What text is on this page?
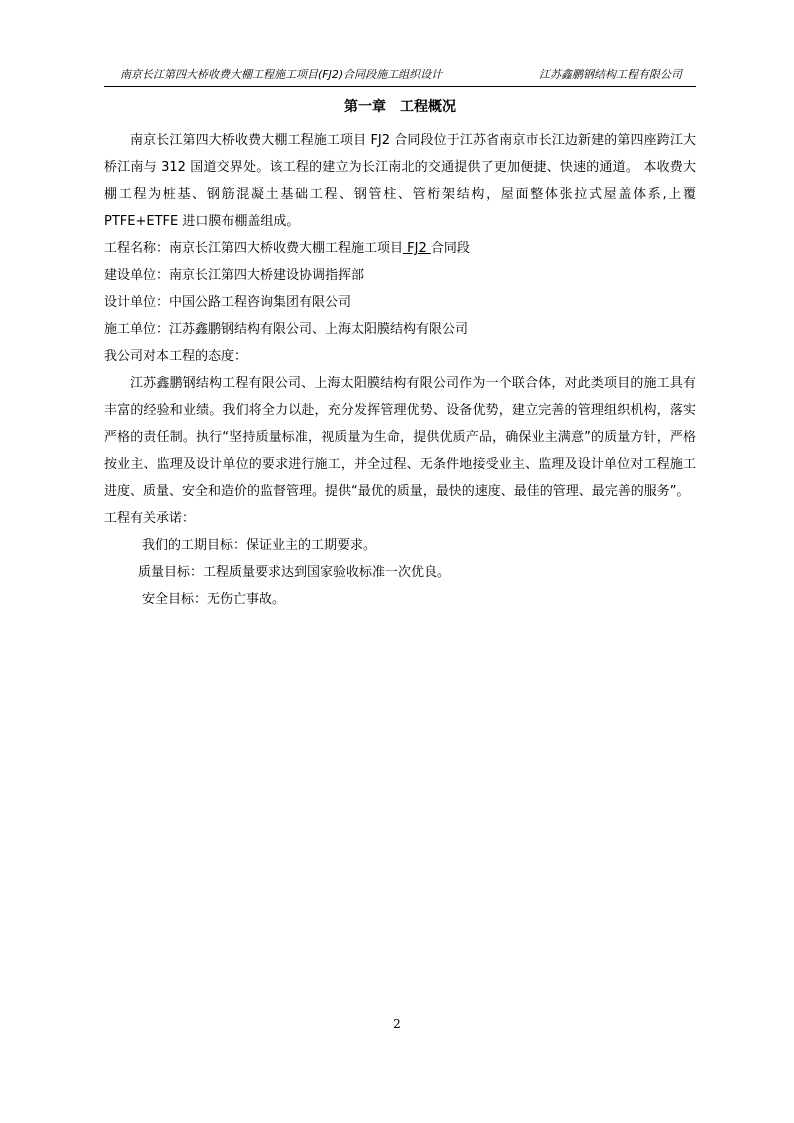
南京长江第四大桥收费大棚工程施工项目(FJ2)合同段施工组织设计	江苏鑫鹏钢结构工程有限公司
第一章　工程概况

南京长江第四大桥收费大棚工程施工项目 FJ2 合同段位于江苏省南京市长江边新建的第四座跨江大桥江南与 312 国道交界处。该工程的建立为长江南北的交通提供了更加便捷、快速的通道。 本收费大棚工程为桩基、钢筋混凝土基础工程、钢管柱、管桁架结构，屋面整体张拉式屋盖体系,上覆 PTFE+ETFE 进口膜布棚盖组成。

工程名称：南京长江第四大桥收费大棚工程施工项目 FJ2 合同段

建设单位：南京长江第四大桥建设协调指挥部

设计单位：中国公路工程咨询集团有限公司

施工单位：江苏鑫鹏钢结构有限公司、上海太阳膜结构有限公司

我公司对本工程的态度：

江苏鑫鹏钢结构工程有限公司、上海太阳膜结构有限公司作为一个联合体，对此类项目的施工具有丰富的经验和业绩。我们将全力以赴，充分发挥管理优势、设备优势，建立完善的管理组织机构，落实严格的责任制。执行“坚持质量标准，视质量为生命，提供优质产品，确保业主满意”的质量方针，严格按业主、监理及设计单位的要求进行施工，并全过程、无条件地接受业主、监理及设计单位对工程施工进度、质量、安全和造价的监督管理。提供“最优的质量，最快的速度、最佳的管理、最完善的服务”。

工程有关承诺：

我们的工期目标：保证业主的工期要求。

质量目标：工程质量要求达到国家验收标准一次优良。

安全目标：无伤亡事故。

2
